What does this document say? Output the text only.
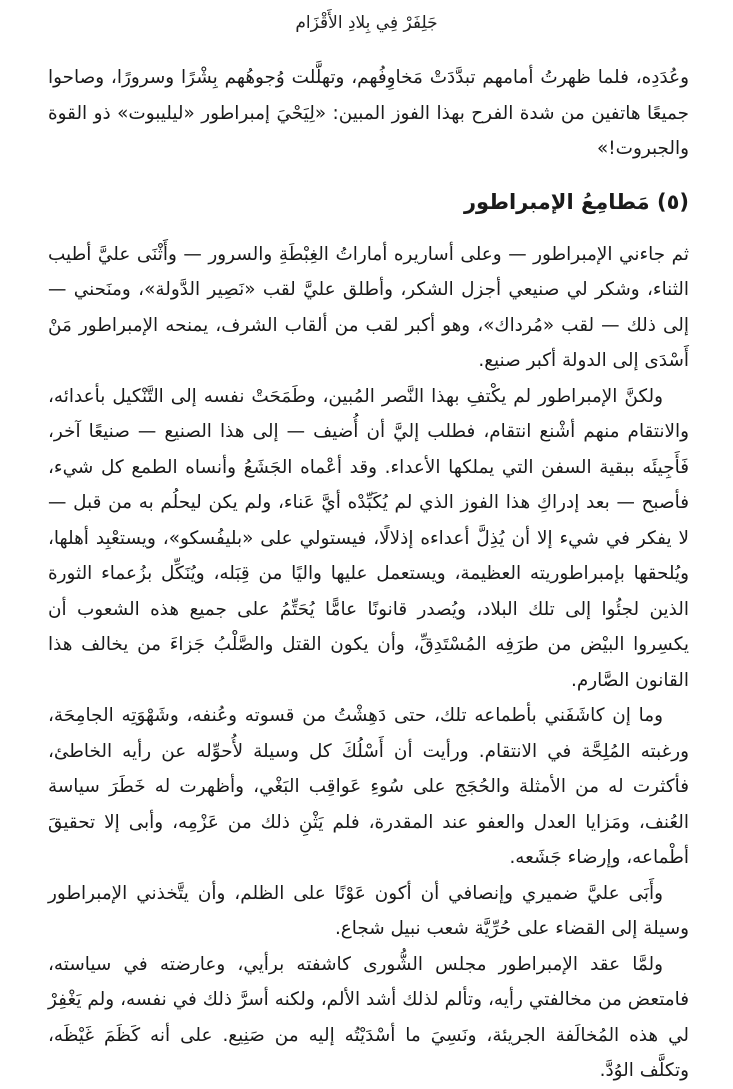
جَلِفَرْ فِي بِلادِ الأَقْزَام

وعُدَدِه، فلما ظهرتُ أمامهم تبدَّدَتْ مَخاوِفُهم، وتهلَّلت وُجوهُهم بِشْرًا وسرورًا، وصاحوا جميعًا هاتفين من شدة الفرح بهذا الفوز المبين: «لِيَحْيَ إمبراطور «ليليبوت» ذو القوة والجبروت!»

(٥) مَطامِعُ الإمبراطور

ثم جاءني الإمبراطور — وعلى أساريره أماراتُ الغِبْطَةِ والسرور — وأَثْنَى عليَّ أطيب الثناء، وشكر لي صنيعي أجزل الشكر، وأطلق عليَّ لقب «نَصِير الدَّولة»، ومنَحني — إلى ذلك — لقب «مُرداك»، وهو أكبر لقب من ألقاب الشرف، يمنحه الإمبراطور مَنْ أَسْدَى إلى الدولة أكبر صنيع.

ولكنَّ الإمبراطور لم يكْتفِ بهذا النَّصر المُبين، وطَمَحَتْ نفسه إلى التَّنْكيل بأعدائه، والانتقام منهم أشْنع انتقام، فطلب إليَّ أن أُضيف — إلى هذا الصنيع — صنيعًا آخر، فَأَجِيئَه ببقية السفن التي يملكها الأعداء. وقد أعْماه الجَشَعُ وأنساه الطمع كل شيء، فأصبح — بعد إدراكِ هذا الفوز الذي لم يُكَبِّدْه أيَّ عَناء، ولم يكن ليحلُم به من قبل — لا يفكر في شيء إلا أن يُذِلَّ أعداءه إذلالًا، فيستولي على «بليفُسكو»، ويستعْبِد أهلها، ويُلحقها بإمبراطوريته العظيمة، ويستعمل عليها واليًا من قِبَله، ويُنَكِّل بزُعماء الثورة الذين لجئُوا إلى تلك البلاد، ويُصدر قانونًا عامًّا يُحَتِّمُ على جميع هذه الشعوب أن يكسِروا البيْض من طرَفِه المُسْتَدِقِّ، وأن يكون القتل والصَّلْبُ جَزاءَ من يخالف هذا القانون الصَّارم.

وما إن كاشَفَني بأطماعه تلك، حتى دَهِشْتُ من قسوته وعُنفه، وشَهْوَتِه الجامِحَة، ورغبته المُلِحَّة في الانتقام. ورأيت أن أَسْلُكَ كل وسيلة لأُحوِّله عن رأيه الخاطئ، فأكثرت له من الأمثلة والحُجَج على سُوءِ عَواقِب البَغْي، وأظهرت له خَطَرَ سياسة العُنف، ومَزايا العدل والعفو عند المقدرة، فلم يَثْنِ ذلك من عَزْمِه، وأبى إلا تحقيقَ أطْماعه، وإرضاء جَشَعه.

وأَبَى عليَّ ضميري وإنصافي أن أكون عَوْنًا على الظلم، وأن يتَّخذني الإمبراطور وسيلة إلى القضاء على حُرِّيَّة شعب نبيل شجاع.

ولمَّا عقد الإمبراطور مجلس الشُّورى كاشفته برأيي، وعارضته في سياسته، فامتعض من مخالفتي رأيه، وتألم لذلك أشد الألم، ولكنه أسرَّ ذلك في نفسه، ولم يَغْفِرْ لي هذه المُخالَفة الجريئة، ونَسِيَ ما أسْدَيْتُه إليه من صَنِيع. على أنه كَظَمَ غَيْظَه، وتكلَّف الوُدَّ.
